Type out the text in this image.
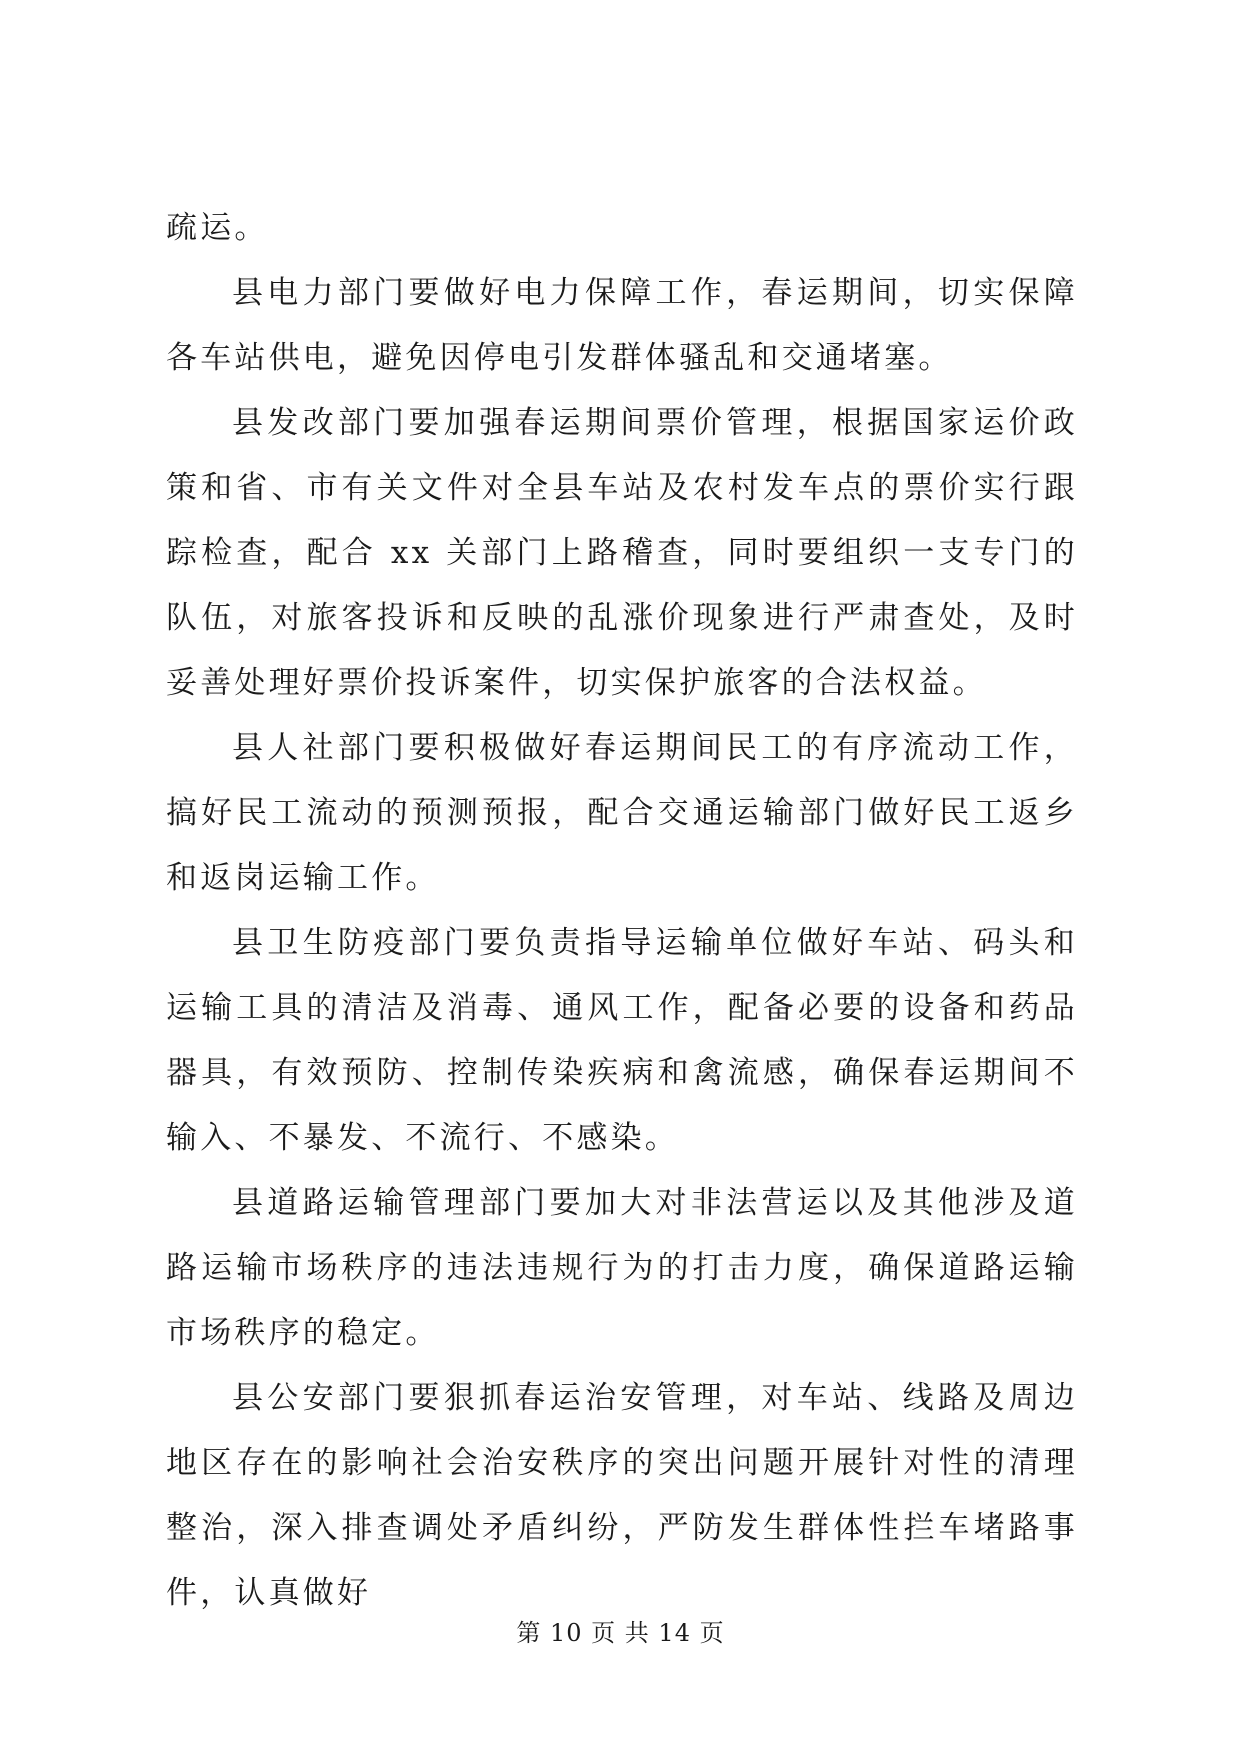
疏运。

县电力部门要做好电力保障工作，春运期间，切实保障各车站供电，避免因停电引发群体骚乱和交通堵塞。

县发改部门要加强春运期间票价管理，根据国家运价政策和省、市有关文件对全县车站及农村发车点的票价实行跟踪检查，配合 xx 关部门上路稽查，同时要组织一支专门的队伍，对旅客投诉和反映的乱涨价现象进行严肃查处，及时妥善处理好票价投诉案件，切实保护旅客的合法权益。

县人社部门要积极做好春运期间民工的有序流动工作，搞好民工流动的预测预报，配合交通运输部门做好民工返乡和返岗运输工作。

县卫生防疫部门要负责指导运输单位做好车站、码头和运输工具的清洁及消毒、通风工作，配备必要的设备和药品器具，有效预防、控制传染疾病和禽流感，确保春运期间不输入、不暴发、不流行、不感染。

县道路运输管理部门要加大对非法营运以及其他涉及道路运输市场秩序的违法违规行为的打击力度，确保道路运输市场秩序的稳定。

县公安部门要狠抓春运治安管理，对车站、线路及周边地区存在的影响社会治安秩序的突出问题开展针对性的清理整治，深入排查调处矛盾纠纷，严防发生群体性拦车堵路事件，认真做好

第 10 页 共 14 页
